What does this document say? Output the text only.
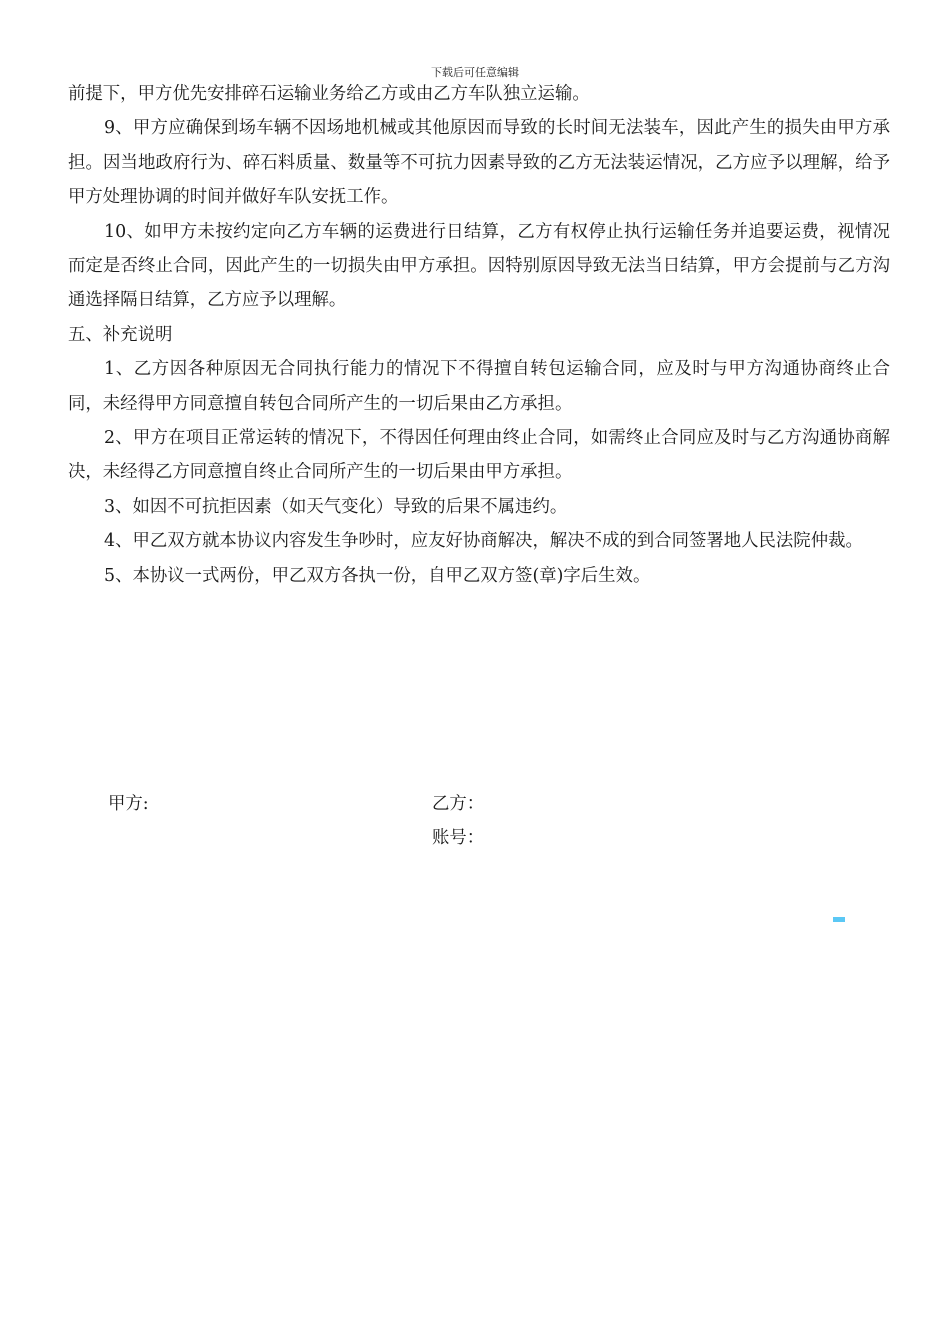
下载后可任意编辑

前提下，甲方优先安排碎石运输业务给乙方或由乙方车队独立运输。

9、甲方应确保到场车辆不因场地机械或其他原因而导致的长时间无法装车，因此产生的损失由甲方承担。因当地政府行为、碎石料质量、数量等不可抗力因素导致的乙方无法装运情况，乙方应予以理解，给予甲方处理协调的时间并做好车队安抚工作。

10、如甲方未按约定向乙方车辆的运费进行日结算，乙方有权停止执行运输任务并追要运费，视情况而定是否终止合同，因此产生的一切损失由甲方承担。因特别原因导致无法当日结算，甲方会提前与乙方沟通选择隔日结算，乙方应予以理解。

五、补充说明

1、乙方因各种原因无合同执行能力的情况下不得擅自转包运输合同，应及时与甲方沟通协商终止合同，未经得甲方同意擅自转包合同所产生的一切后果由乙方承担。

2、甲方在项目正常运转的情况下，不得因任何理由终止合同，如需终止合同应及时与乙方沟通协商解决，未经得乙方同意擅自终止合同所产生的一切后果由甲方承担。

3、如因不可抗拒因素（如天气变化）导致的后果不属违约。

4、甲乙双方就本协议内容发生争吵时，应友好协商解决，解决不成的到合同签署地人民法院仲裁。

5、本协议一式两份，甲乙双方各执一份，自甲乙双方签(章)字后生效。

甲方:	乙方：
账号：
